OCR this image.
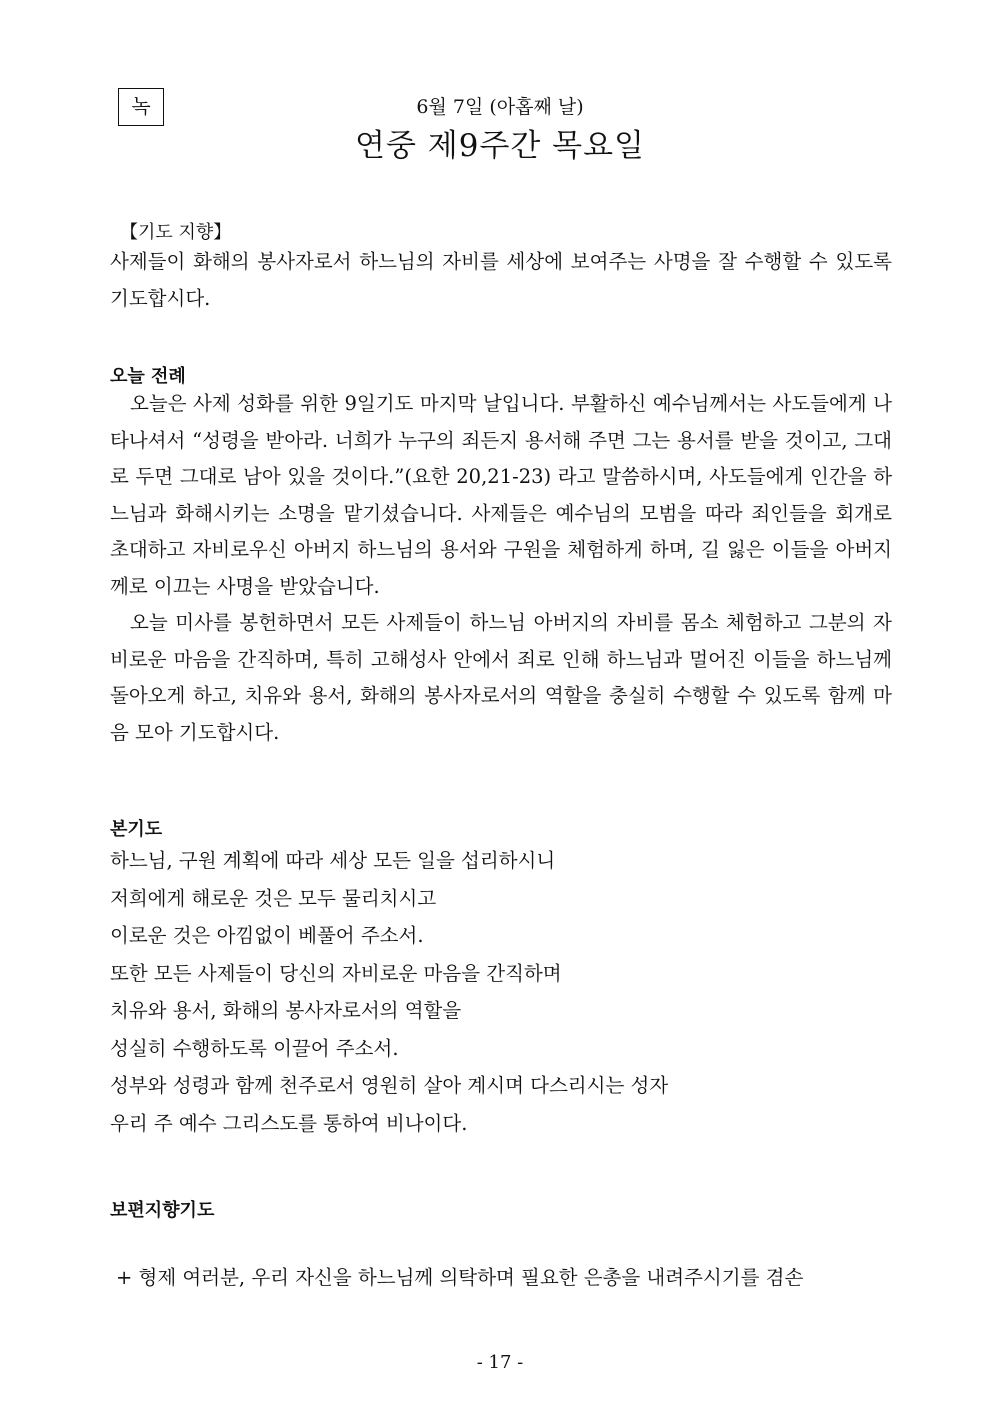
녹	6월 7일 (아홉째 날)
연중 제9주간 목요일
【기도 지향】

사제들이 화해의 봉사자로서 하느님의 자비를 세상에 보여주는 사명을 잘 수행할 수 있도록 기도합시다.

오늘 전례

오늘은 사제 성화를 위한 9일기도 마지막 날입니다. 부활하신 예수님께서는 사도들에게 나타나셔서 “성령을 받아라. 너희가 누구의 죄든지 용서해 주면 그는 용서를 받을 것이고, 그대로 두면 그대로 남아 있을 것이다.”(요한 20,21-23) 라고 말씀하시며, 사도들에게 인간을 하느님과 화해시키는 소명을 맡기셨습니다. 사제들은 예수님의 모범을 따라 죄인들을 회개로 초대하고 자비로우신 아버지 하느님의 용서와 구원을 체험하게 하며, 길 잃은 이들을 아버지께로 이끄는 사명을 받았습니다.

오늘 미사를 봉헌하면서 모든 사제들이 하느님 아버지의 자비를 몸소 체험하고 그분의 자비로운 마음을 간직하며, 특히 고해성사 안에서 죄로 인해 하느님과 멀어진 이들을 하느님께 돌아오게 하고, 치유와 용서, 화해의 봉사자로서의 역할을 충실히 수행할 수 있도록 함께 마음 모아 기도합시다.

본기도
하느님, 구원 계획에 따라 세상 모든 일을 섭리하시니
저희에게 해로운 것은 모두 물리치시고
이로운 것은 아낌없이 베풀어 주소서.
또한 모든 사제들이 당신의 자비로운 마음을 간직하며
치유와 용서, 화해의 봉사자로서의 역할을
성실히 수행하도록 이끌어 주소서.
성부와 성령과 함께 천주로서 영원히 살아 계시며 다스리시는 성자
우리 주 예수 그리스도를 통하여 비나이다.
보편지향기도
+ 형제 여러분, 우리 자신을 하느님께 의탁하며 필요한 은총을 내려주시기를 겸손
- 17 -
